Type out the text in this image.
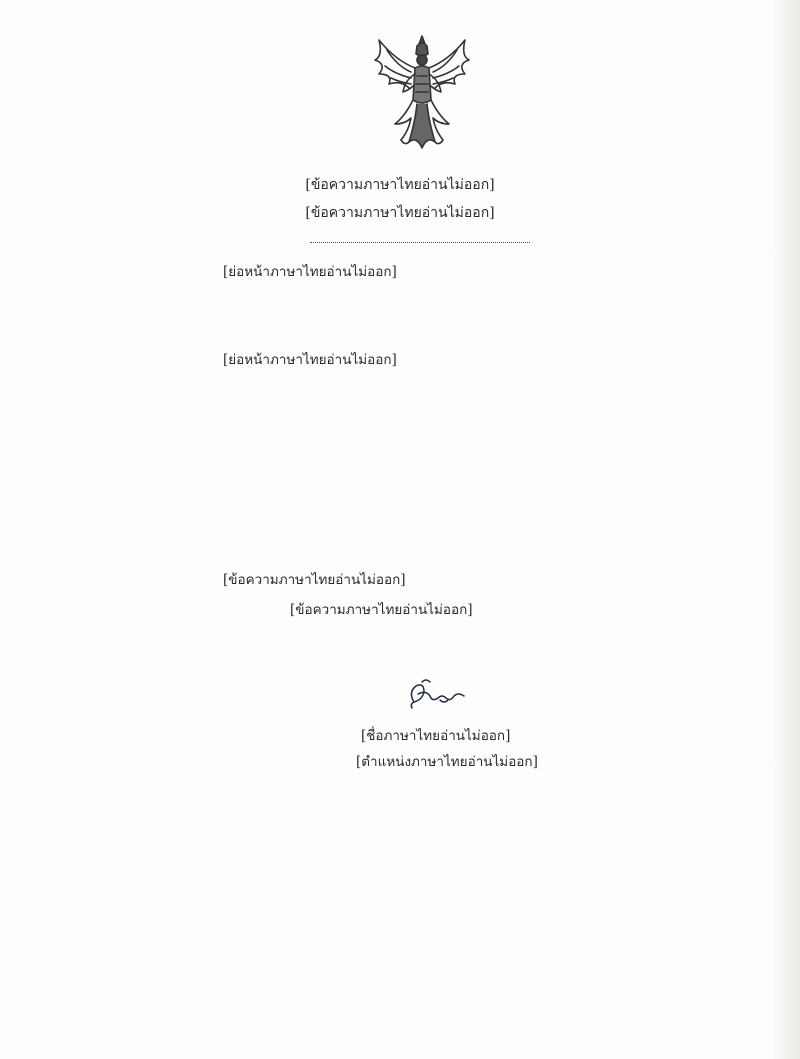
[ข้อความภาษาไทยอ่านไม่ออก]
[ข้อความภาษาไทยอ่านไม่ออก]
[ย่อหน้าภาษาไทยอ่านไม่ออก]
[ย่อหน้าภาษาไทยอ่านไม่ออก]
[ข้อความภาษาไทยอ่านไม่ออก]
[ข้อความภาษาไทยอ่านไม่ออก]
[ชื่อภาษาไทยอ่านไม่ออก]
[ตำแหน่งภาษาไทยอ่านไม่ออก]
